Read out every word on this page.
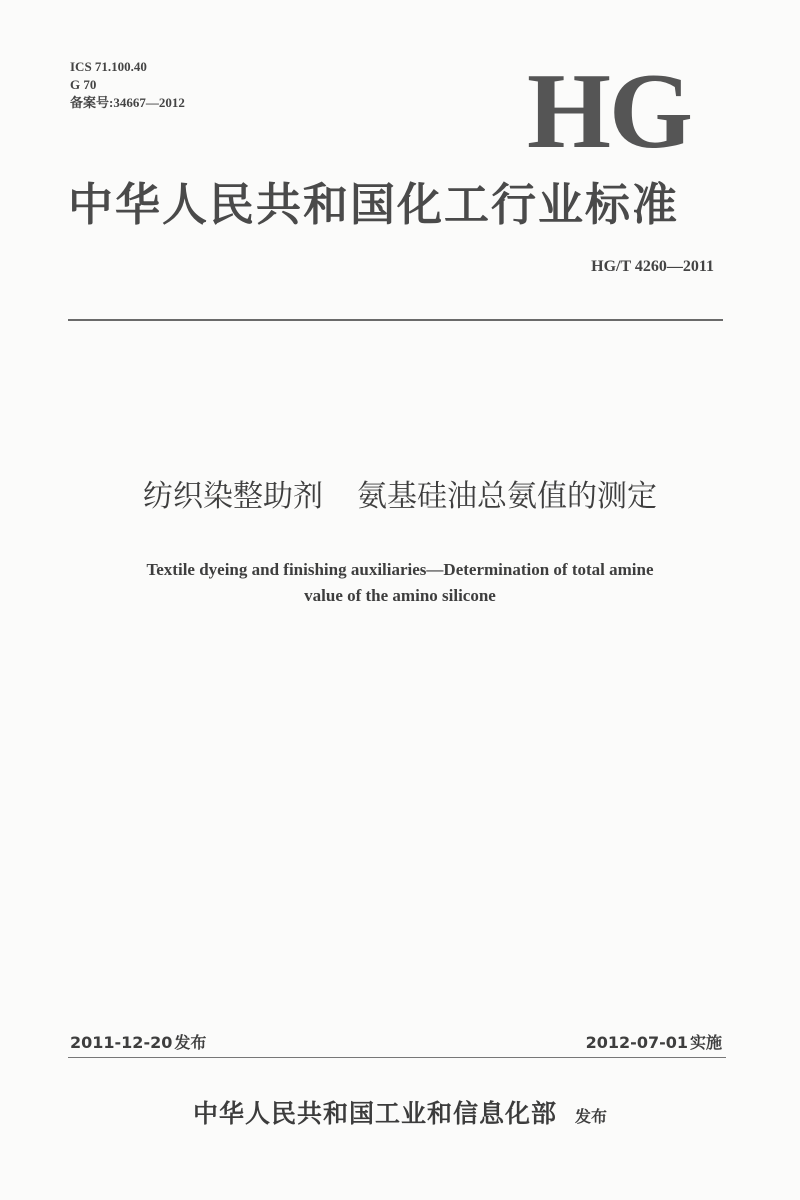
ICS 71.100.40
G 70
备案号:34667—2012	HG
中华人民共和国化工行业标准
HG/T 4260—2011
纺织染整助剂 氨基硅油总氨值的测定
Textile dyeing and finishing auxiliaries—Determination of total amine
value of the amino silicone
2011-12-20 发布	2012-07-01 实施
中华人民共和国工业和信息化部 发布
